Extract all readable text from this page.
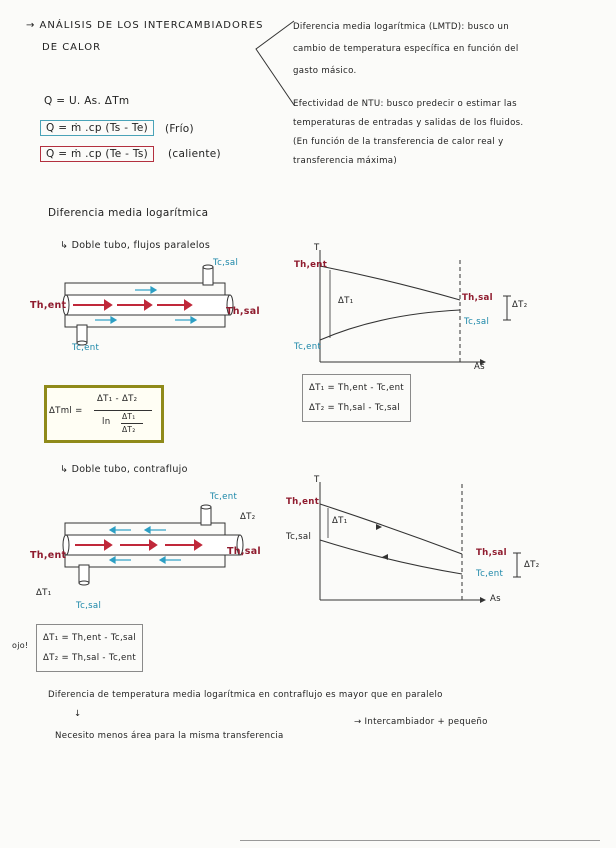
→ ANÁLISIS DE LOS INTERCAMBIADORES
DE CALOR
Diferencia media logarítmica (LMTD): busco un
cambio de temperatura específica en función del
gasto másico.
Efectividad de NTU: busco predecir o estimar las
temperaturas de entradas y salidas de los fluidos.
(En función de la transferencia de calor real y
transferencia máxima)
Q = U. As. ΔTm
Q = ṁ .cp (Ts - Te)	(Frío)
Q = ṁ .cp (Te - Ts)	(caliente)
Diferencia media logarítmica
↳ Doble tubo, flujos paralelos
Th,ent
Tc,sal
Th,sal
Tc,ent
T
As
Th,ent
Tc,ent
Th,sal
Tc,sal
ΔT₁	ΔT₂
ΔT₁ = Th,ent - Tc,ent
ΔT₂ = Th,sal - Tc,sal
ΔTml =
ΔT₁ - ΔT₂
ln
ΔT₁
ΔT₂
↳ Doble tubo, contraflujo
Tc,ent
ΔT₂
Th,ent	Th,sal
ΔT₁
Tc,sal
T
As
Th,ent
Tc,sal
Th,sal
Tc,ent
ΔT₁
ΔT₂
ojo!
ΔT₁ = Th,ent - Tc,sal
ΔT₂ = Th,sal - Tc,ent
Diferencia de temperatura media logarítmica en contraflujo es mayor que en paralelo
↓
Necesito menos área para la misma transferencia
→ Intercambiador + pequeño
